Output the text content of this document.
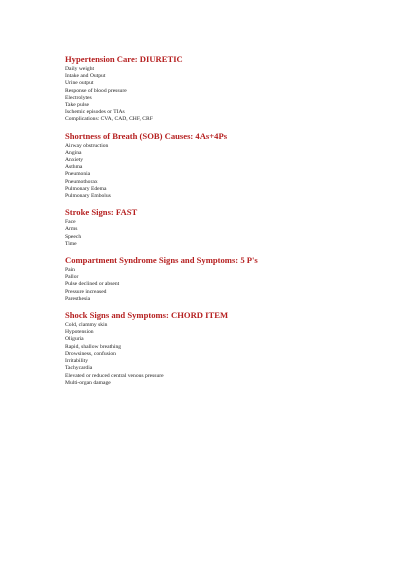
Hypertension Care: DIURETIC
Daily weight
Intake and Output
Urine output
Response of blood pressure
Electrolytes
Take pulse
Ischemic episodes or TIAs
Complications: CVA, CAD, CHF, CRF
Shortness of Breath (SOB) Causes: 4As+4Ps
Airway obstruction
Angina
Anxiety
Asthma
Pneumonia
Pneumothorax
Pulmonary Edema
Pulmonary Embolus
Stroke Signs: FAST
Face
Arms
Speech
Time
Compartment Syndrome Signs and Symptoms: 5 P's
Pain
Pallor
Pulse declined or absent
Pressure increased
Paresthesia
Shock Signs and Symptoms: CHORD ITEM
Cold, clammy skin
Hypotension
Oliguria
Rapid, shallow breathing
Drowsiness, confusion
Irritability
Tachycardia
Elevated or reduced central venous pressure
Multi-organ damage
